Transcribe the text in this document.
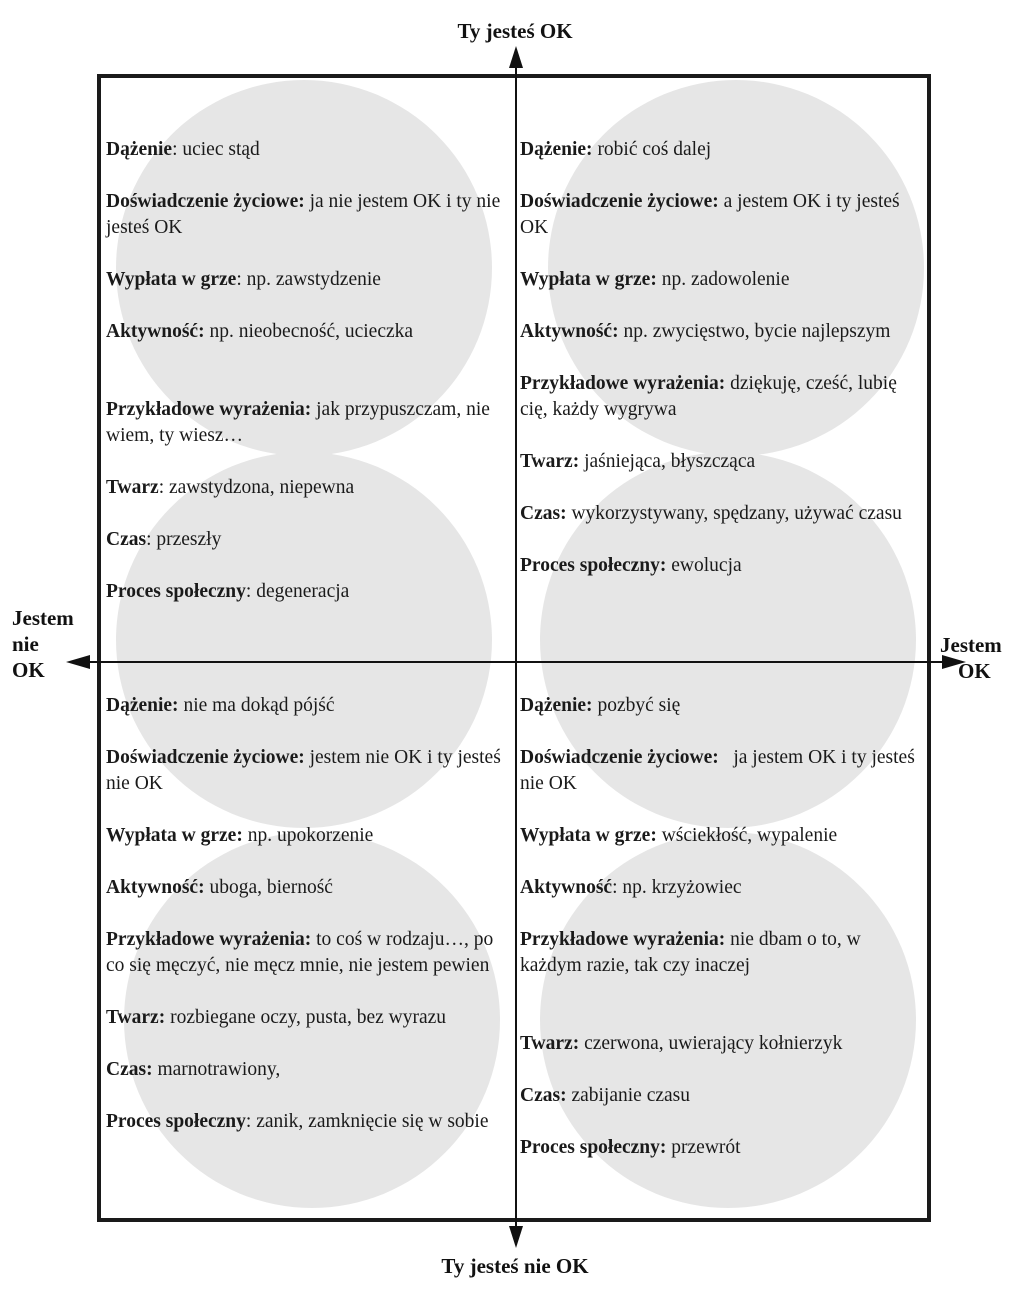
Ty jesteś OK
Ty jesteś nie OK
Jestem
nie
OK
Jestem
OK
Dążenie: uciec stąd
Doświadczenie życiowe: ja nie jestem OK i ty nie jesteś OK
Wypłata w grze: np. zawstydzenie
Aktywność: np. nieobecność, ucieczka
Przykładowe wyrażenia: jak przypuszczam, nie wiem, ty wiesz…
Twarz: zawstydzona, niepewna
Czas: przeszły
Proces społeczny: degeneracja
Dążenie: robić coś dalej
Doświadczenie życiowe: a jestem OK i ty jesteś OK
Wypłata w grze: np. zadowolenie
Aktywność: np. zwycięstwo, bycie najlepszym
Przykładowe wyrażenia: dziękuję, cześć, lubię cię, każdy wygrywa
Twarz: jaśniejąca, błyszcząca
Czas: wykorzystywany, spędzany, używać czasu
Proces społeczny: ewolucja
Dążenie: nie ma dokąd pójść
Doświadczenie życiowe: jestem nie OK i ty jesteś nie OK
Wypłata w grze: np. upokorzenie
Aktywność: uboga, bierność
Przykładowe wyrażenia: to coś w rodzaju…, po co się męczyć, nie męcz mnie, nie jestem pewien
Twarz: rozbiegane oczy, pusta, bez wyrazu
Czas: marnotrawiony,
Proces społeczny: zanik, zamknięcie się w sobie
Dążenie: pozbyć się
Doświadczenie życiowe:   ja jestem OK i ty jesteś nie OK
Wypłata w grze: wściekłość, wypalenie
Aktywność: np. krzyżowiec
Przykładowe wyrażenia: nie dbam o to, w każdym razie, tak czy inaczej
Twarz: czerwona, uwierający kołnierzyk
Czas: zabijanie czasu
Proces społeczny: przewrót
